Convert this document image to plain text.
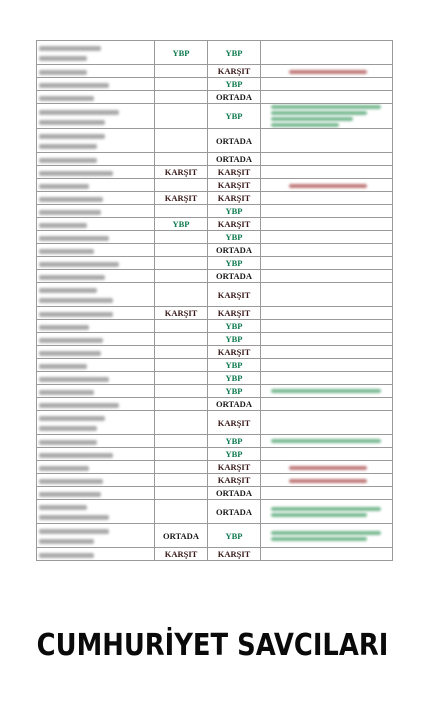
	YBP	YBP	
		KARŞIT	
		YBP	
		ORTADA	

		YBP	

		ORTADA	
		ORTADA	
	KARŞIT	KARŞIT	
		KARŞIT	
	KARŞIT	KARŞIT	
		YBP	
	YBP	KARŞIT	
		YBP	
		ORTADA	
		YBP	
		ORTADA	

		KARŞIT	
	KARŞIT	KARŞIT	
		YBP	
		YBP	
		KARŞIT	
		YBP	
		YBP	
		YBP	
		ORTADA	

		KARŞIT	
		YBP	
		YBP	
		KARŞIT	
		KARŞIT	
		ORTADA	

		ORTADA	

	ORTADA	YBP	

	KARŞIT	KARŞIT	
CUMHURİYET SAVCILARI
